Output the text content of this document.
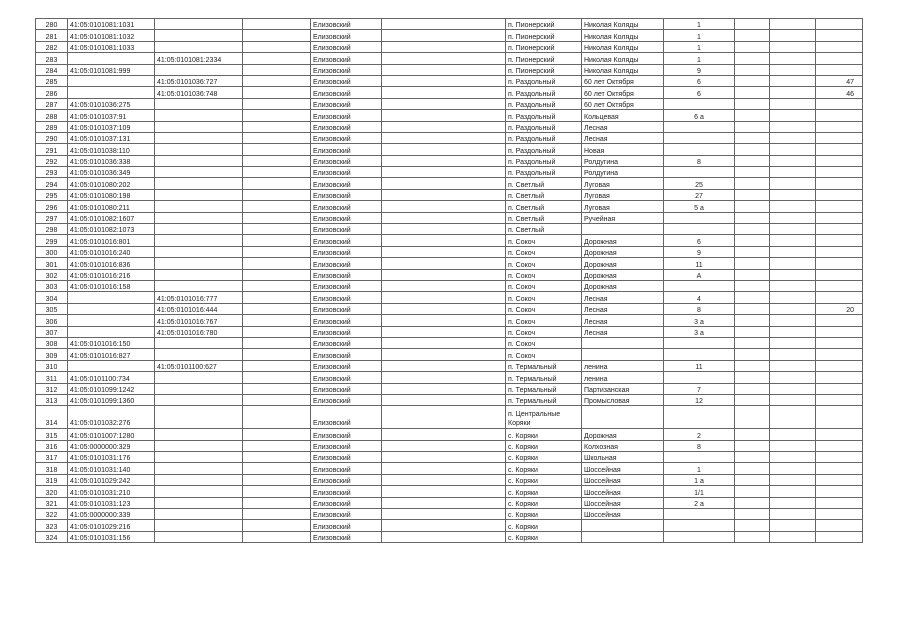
280	41:05:0101081:1031			Елизовский		п. Пионерский	Николая Коляды	1			
281	41:05:0101081:1032			Елизовский		п. Пионерский	Николая Коляды	1			
282	41:05:0101081:1033			Елизовский		п. Пионерский	Николая Коляды	1			
283		41:05:0101081:2334		Елизовский		п. Пионерский	Николая Коляды	1			
284	41:05:0101081:999			Елизовский		п. Пионерский	Николая Коляды	9			
285		41:05:0101036:727		Елизовский		п. Раздольный	60 лет Октября	6			47
286		41:05:0101036:748		Елизовский		п. Раздольный	60 лет Октября	6			46
287	41:05:0101036:275			Елизовский		п. Раздольный	60 лет Октября				
288	41:05:0101037:91			Елизовский		п. Раздольный	Кольцевая	6 а			
289	41:05:0101037:109			Елизовский		п. Раздольный	Лесная				
290	41:05:0101037:131			Елизовский		п. Раздольный	Лесная				
291	41:05:0101038:110			Елизовский		п. Раздольный	Новая				
292	41:05:0101036:338			Елизовский		п. Раздольный	Ролдугина	8			
293	41:05:0101036:349			Елизовский		п. Раздольный	Ролдугина				
294	41:05:0101080:202			Елизовский		п. Светлый	Луговая	25			
295	41:05:0101080:198			Елизовский		п. Светлый	Луговая	27			
296	41:05:0101080:211			Елизовский		п. Светлый	Луговая	5 а			
297	41:05:0101082:1607			Елизовский		п. Светлый	Ручейная				
298	41:05:0101082:1073			Елизовский		п. Светлый					
299	41:05:0101016:801			Елизовский		п. Сокоч	Дорожная	6			
300	41:05:0101016:240			Елизовский		п. Сокоч	Дорожная	9			
301	41:05:0101016:836			Елизовский		п. Сокоч	Дорожная	11			
302	41:05:0101016:216			Елизовский		п. Сокоч	Дорожная	А			
303	41:05:0101016:158			Елизовский		п. Сокоч	Дорожная				
304		41:05:0101016:777		Елизовский		п. Сокоч	Лесная	4			
305		41:05:0101016:444		Елизовский		п. Сокоч	Лесная	8			20
306		41:05:0101016:767		Елизовский		п. Сокоч	Лесная	3 а			
307		41:05:0101016:780		Елизовский		п. Сокоч	Лесная	3 а			
308	41:05:0101016:150			Елизовский		п. Сокоч					
309	41:05:0101016:827			Елизовский		п. Сокоч					
310		41:05:0101100:627		Елизовский		п. Термальный	ленина	11			
311	41:05:0101100:734			Елизовский		п. Термальный	ленина				
312	41:05:0101099:1242			Елизовский		п. Термальный	Партизанская	7			
313	41:05:0101099:1360			Елизовский		п. Термальный	Промысловая	12			
314	41:05:0101032:276			Елизовский		п. Центральные Коряки					
315	41:05:0101007:1280			Елизовский		с. Коряки	Дорожная	2			
316	41:05:0000000:329			Елизовский		с. Коряки	Колхозная	8			
317	41:05:0101031:176			Елизовский		с. Коряки	Школьная				
318	41:05:0101031:140			Елизовский		с. Коряки	Шоссейная	1			
319	41:05:0101029:242			Елизовский		с. Коряки	Шоссейная	1 а			
320	41:05:0101031:210			Елизовский		с. Коряки	Шоссейная	1/1			
321	41:05:0101031:123			Елизовский		с. Коряки	Шоссейная	2 а			
322	41:05:0000000:339			Елизовский		с. Коряки	Шоссейная				
323	41:05:0101029:216			Елизовский		с. Коряки					
324	41:05:0101031:156			Елизовский		с. Коряки					
